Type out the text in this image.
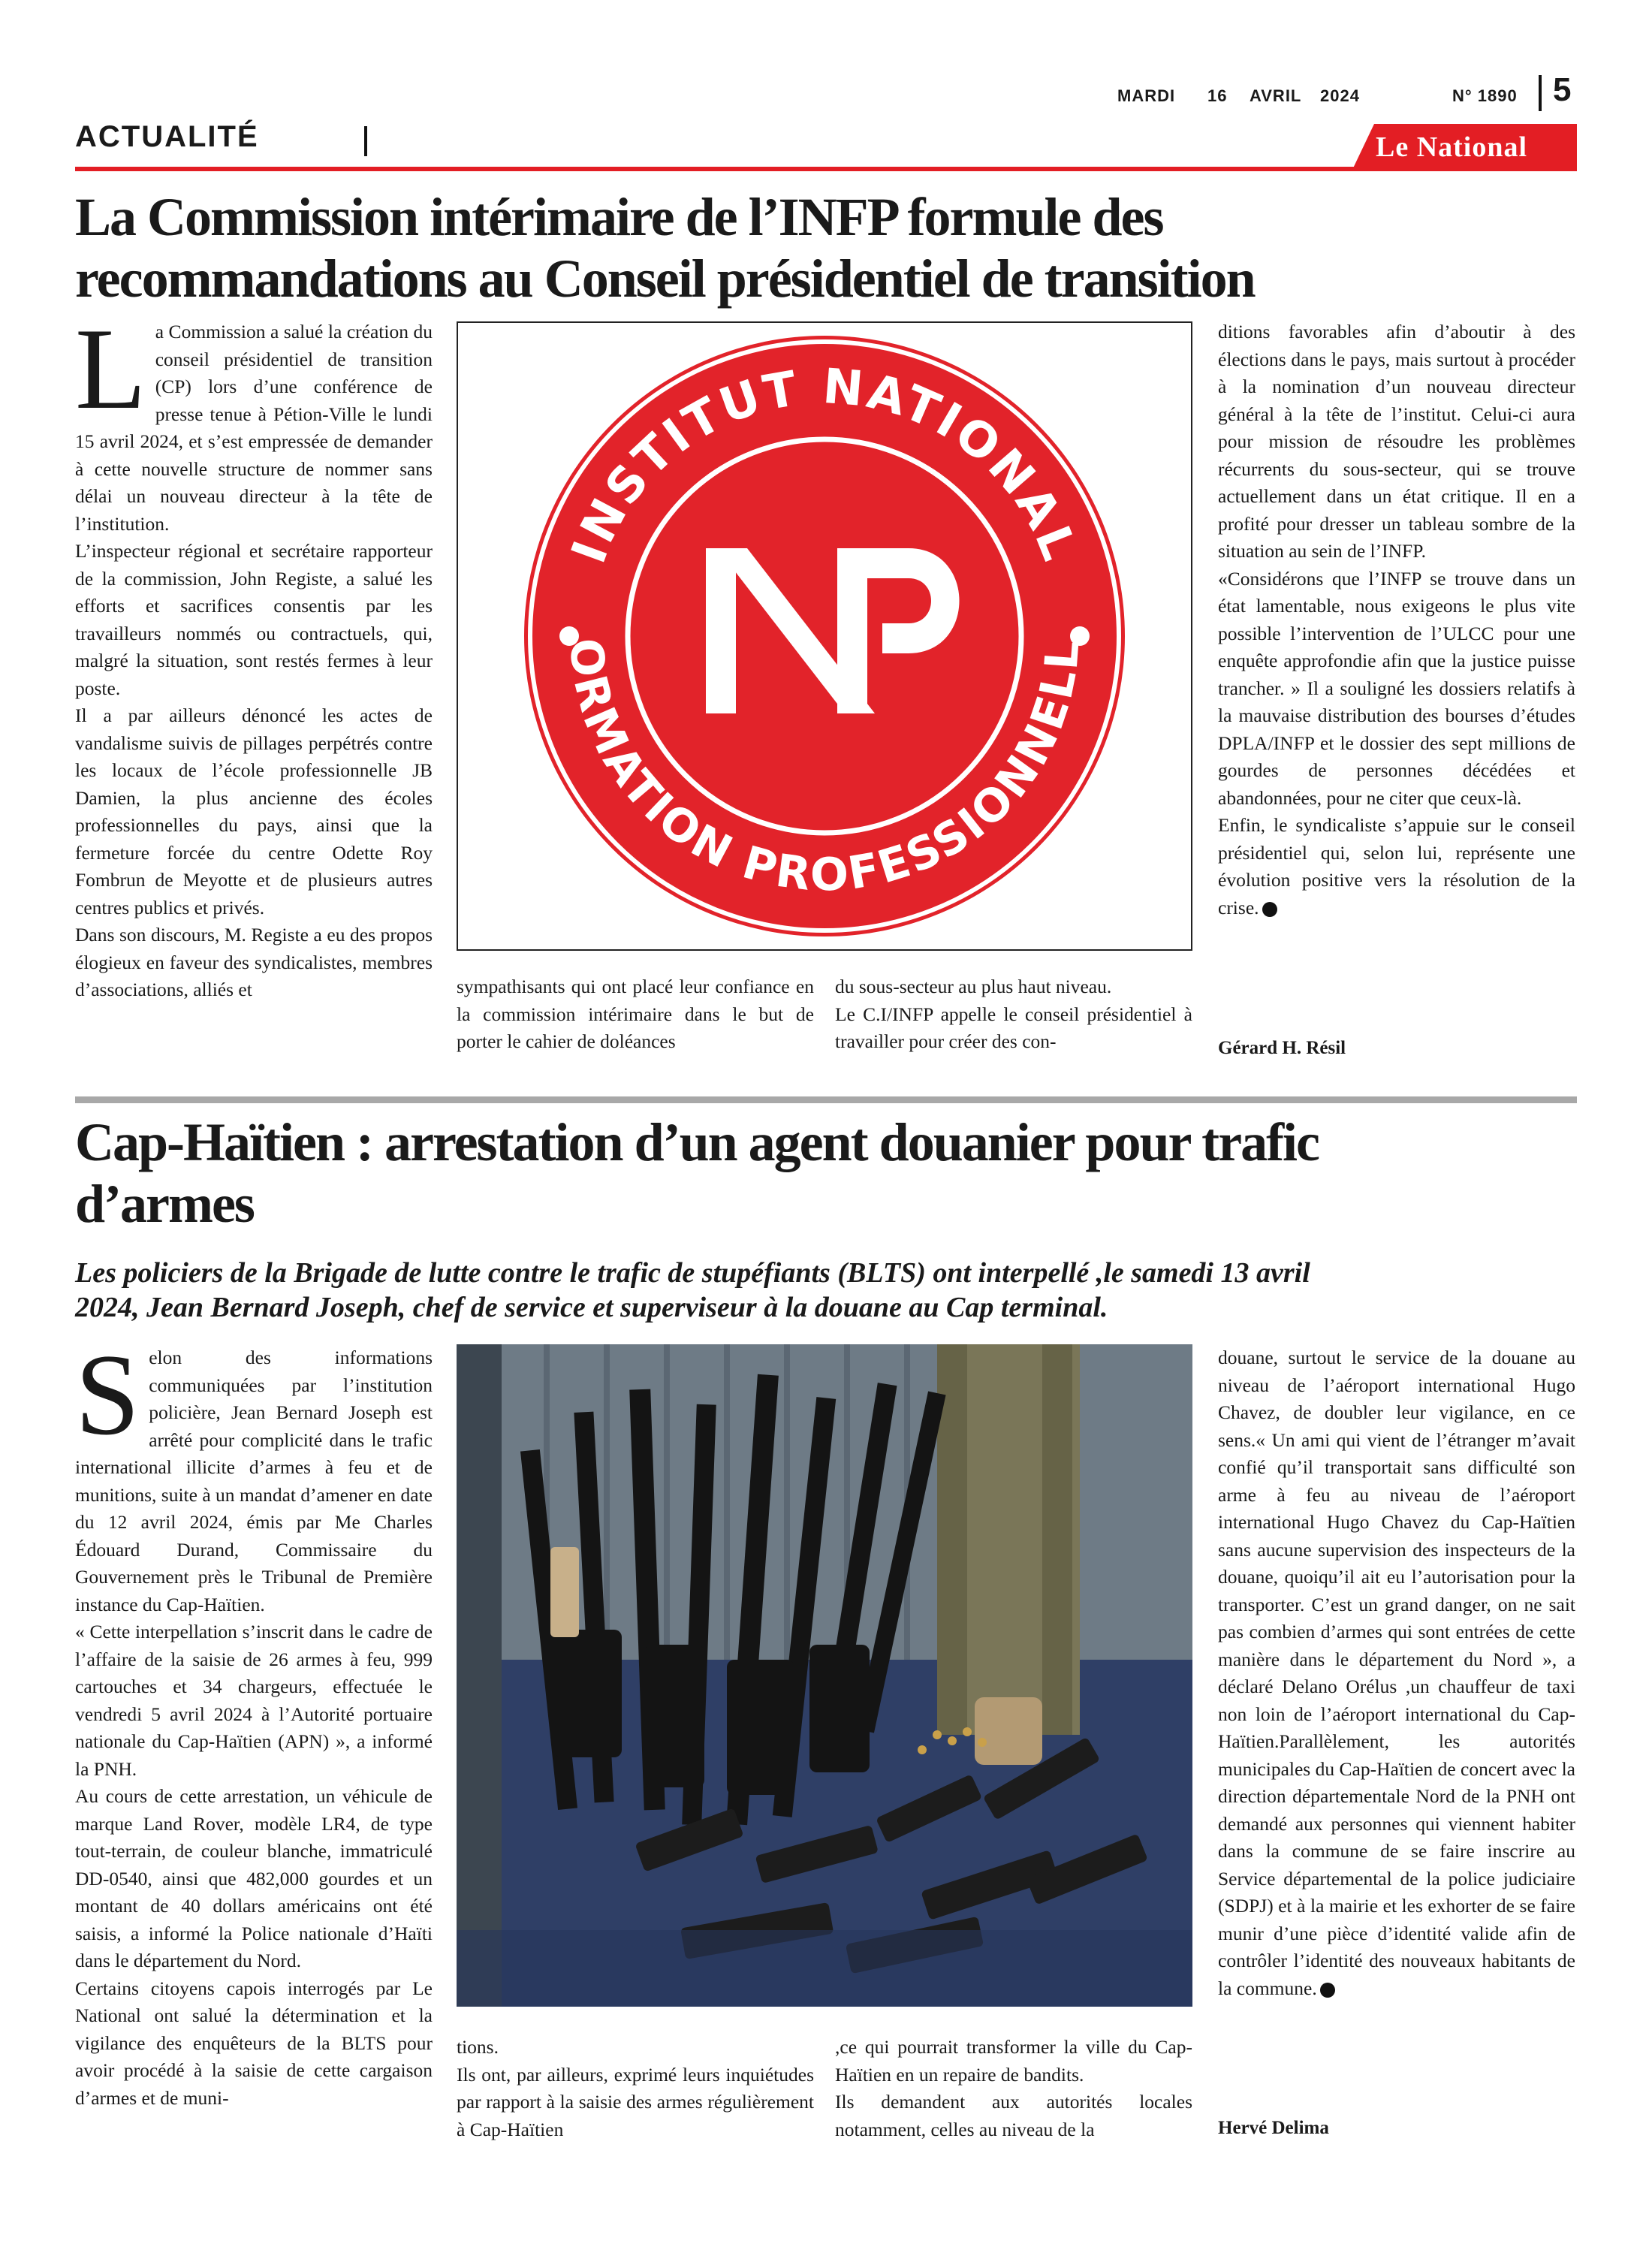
MARDI 16 AVRIL 2024	N° 1890 5
ACTUALITÉ	Le National
La Commission intérimaire de l’INFP formule des
recommandations au Conseil présidentiel de transition
L a Commission a salué la création du conseil présidentiel de transition (CP) lors d’une conférence de presse tenue à Pétion-Ville le lundi 15 avril 2024, et s’est empressée de demander à cette nouvelle structure de nommer sans délai un nouveau directeur à la tête de l’institution.

L’inspecteur régional et secrétaire rapporteur de la commission, John Registe, a salué les efforts et sacrifices consentis par les travailleurs nommés ou contractuels, qui, malgré la situation, sont restés fermes à leur poste.

Il a par ailleurs dénoncé les actes de vandalisme suivis de pillages perpétrés contre les locaux de l’école professionnelle JB Damien, la plus ancienne des écoles professionnelles du pays, ainsi que la fermeture forcée du centre Odette Roy Fombrun de Meyotte et de plusieurs autres centres publics et privés.

Dans son discours, M. Registe a eu des propos élogieux en faveur des syndicalistes, membres d’associations, alliés et

INSTITUT NATIONAL
ORMATION PROFESSIONNELL

sympathisants qui ont placé leur confiance en la commission intérimaire dans le but de porter le cahier de doléances

du sous-secteur au plus haut niveau.

Le C.I/INFP appelle le conseil présidentiel à travailler pour créer des con-

ditions favorables afin d’aboutir à des élections dans le pays, mais surtout à procéder à la nomination d’un nouveau directeur général à la tête de l’institut. Celui-ci aura pour mission de résoudre les problèmes récurrents du sous-secteur, qui se trouve actuellement dans un état critique. Il en a profité pour dresser un tableau sombre de la situation au sein de l’INFP.

«Considérons que l’INFP se trouve dans un état lamentable, nous exigeons le plus vite possible l’intervention de l’ULCC pour une enquête approfondie afin que la justice puisse trancher. » Il a souligné les dossiers relatifs à la mauvaise distribution des bourses d’études DPLA/INFP et le dossier des sept millions de gourdes de personnes décédées et abandonnées, pour ne citer que ceux-là.

Enfin, le syndicaliste s’appuie sur le conseil présidentiel qui, selon lui, représente une évolution positive vers la résolution de la crise.

Gérard H. Résil
Cap-Haïtien : arrestation d’un agent douanier pour trafic
d’armes
Les policiers de la Brigade de lutte contre le trafic de stupéfiants (BLTS) ont interpellé ,le samedi 13 avril
2024, Jean Bernard Joseph, chef de service et superviseur à la douane au Cap terminal.
S elon des informations communiquées par l’institution policière, Jean Bernard Joseph est arrêté pour complicité dans le trafic international illicite d’armes à feu et de munitions, suite à un mandat d’amener en date du 12 avril 2024, émis par Me Charles Édouard Durand, Commissaire du Gouvernement près le Tribunal de Première instance du Cap-Haïtien.

« Cette interpellation s’inscrit dans le cadre de l’affaire de la saisie de 26 armes à feu, 999 cartouches et 34 chargeurs, effectuée le vendredi 5 avril 2024 à l’Autorité portuaire nationale du Cap-Haïtien (APN) », a informé la PNH.

Au cours de cette arrestation, un véhicule de marque Land Rover, modèle LR4, de type tout-terrain, de couleur blanche, immatriculé DD-0540, ainsi que 482,000 gourdes et un montant de 40 dollars américains ont été saisis, a informé la Police nationale d’Haïti dans le département du Nord.

Certains citoyens capois interrogés par Le National ont salué la détermination et la vigilance des enquêteurs de la BLTS pour avoir procédé à la saisie de cette cargaison d’armes et de muni-

tions.

Ils ont, par ailleurs, exprimé leurs inquiétudes par rapport à la saisie des armes régulièrement à Cap-Haïtien

,ce qui pourrait transformer la ville du Cap-Haïtien en un repaire de bandits.

Ils demandent aux autorités locales notamment, celles au niveau de la

douane, surtout le service de la douane au niveau de l’aéroport international Hugo Chavez, de doubler leur vigilance, en ce sens.« Un ami qui vient de l’étranger m’avait confié qu’il transportait sans difficulté son arme à feu au niveau de l’aéroport international Hugo Chavez du Cap-Haïtien sans aucune supervision des inspecteurs de la douane, quoiqu’il ait eu l’autorisation pour la transporter. C’est un grand danger, on ne sait pas combien d’armes qui sont entrées de cette manière dans le département du Nord », a déclaré Delano Orélus ,un chauffeur de taxi non loin de l’aéroport international du Cap-Haïtien.Parallèlement, les autorités municipales du Cap-Haïtien de concert avec la direction départementale Nord de la PNH ont demandé aux personnes qui viennent habiter dans la commune de se faire inscrire au Service départemental de la police judiciaire (SDPJ) et à la mairie et les exhorter de se faire munir d’une pièce d’identité valide afin de contrôler l’identité des nouveaux habitants de la commune.

Hervé Delima
